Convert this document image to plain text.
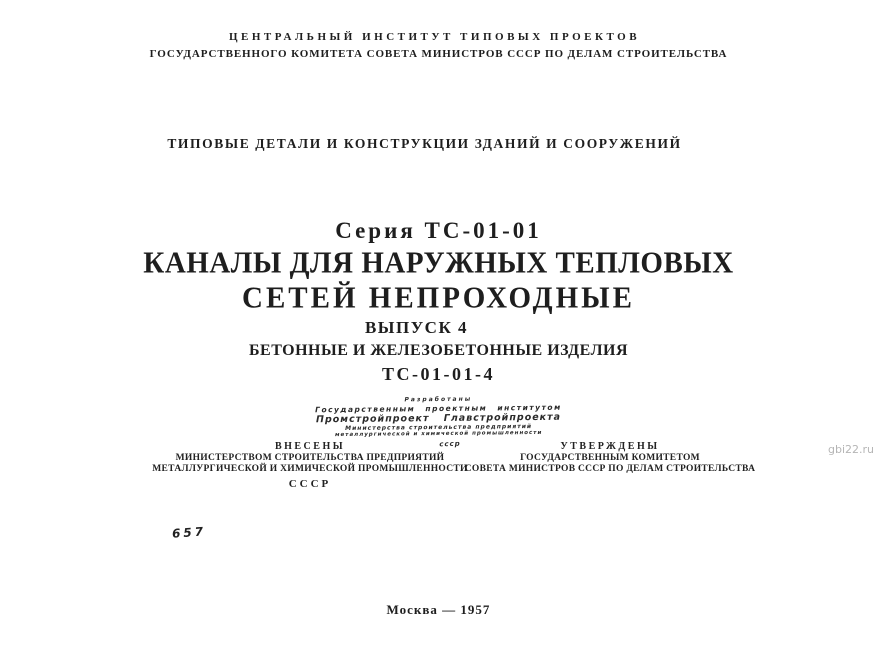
ЦЕНТРАЛЬНЫЙ ИНСТИТУТ ТИПОВЫХ ПРОЕКТОВ
ГОСУДАРСТВЕННОГО КОМИТЕТА СОВЕТА МИНИСТРОВ СССР ПО ДЕЛАМ СТРОИТЕЛЬСТВА
ТИПОВЫЕ ДЕТАЛИ И КОНСТРУКЦИИ ЗДАНИЙ И СООРУЖЕНИЙ
Серия ТС-01-01
КАНАЛЫ ДЛЯ НАРУЖНЫХ ТЕПЛОВЫХ
СЕТЕЙ НЕПРОХОДНЫЕ
ВЫПУСК 4
БЕТОННЫЕ И ЖЕЛЕЗОБЕТОННЫЕ ИЗДЕЛИЯ
ТС-01-01-4
Разработаны
Государственным проектным институтом
Промстройпроект Главстройпроекта
Министерства строительства предприятий
металлургической и химической промышленности
ссср
ВНЕСЕНЫ
МИНИСТЕРСТВОМ СТРОИТЕЛЬСТВА ПРЕДПРИЯТИЙ
МЕТАЛЛУРГИЧЕСКОЙ И ХИМИЧЕСКОЙ ПРОМЫШЛЕННОСТИ
СССР
УТВЕРЖДЕНЫ
ГОСУДАРСТВЕННЫМ КОМИТЕТОМ
СОВЕТА МИНИСТРОВ СССР ПО ДЕЛАМ СТРОИТЕЛЬСТВА
657
Москва — 1957
gbi22.ru
